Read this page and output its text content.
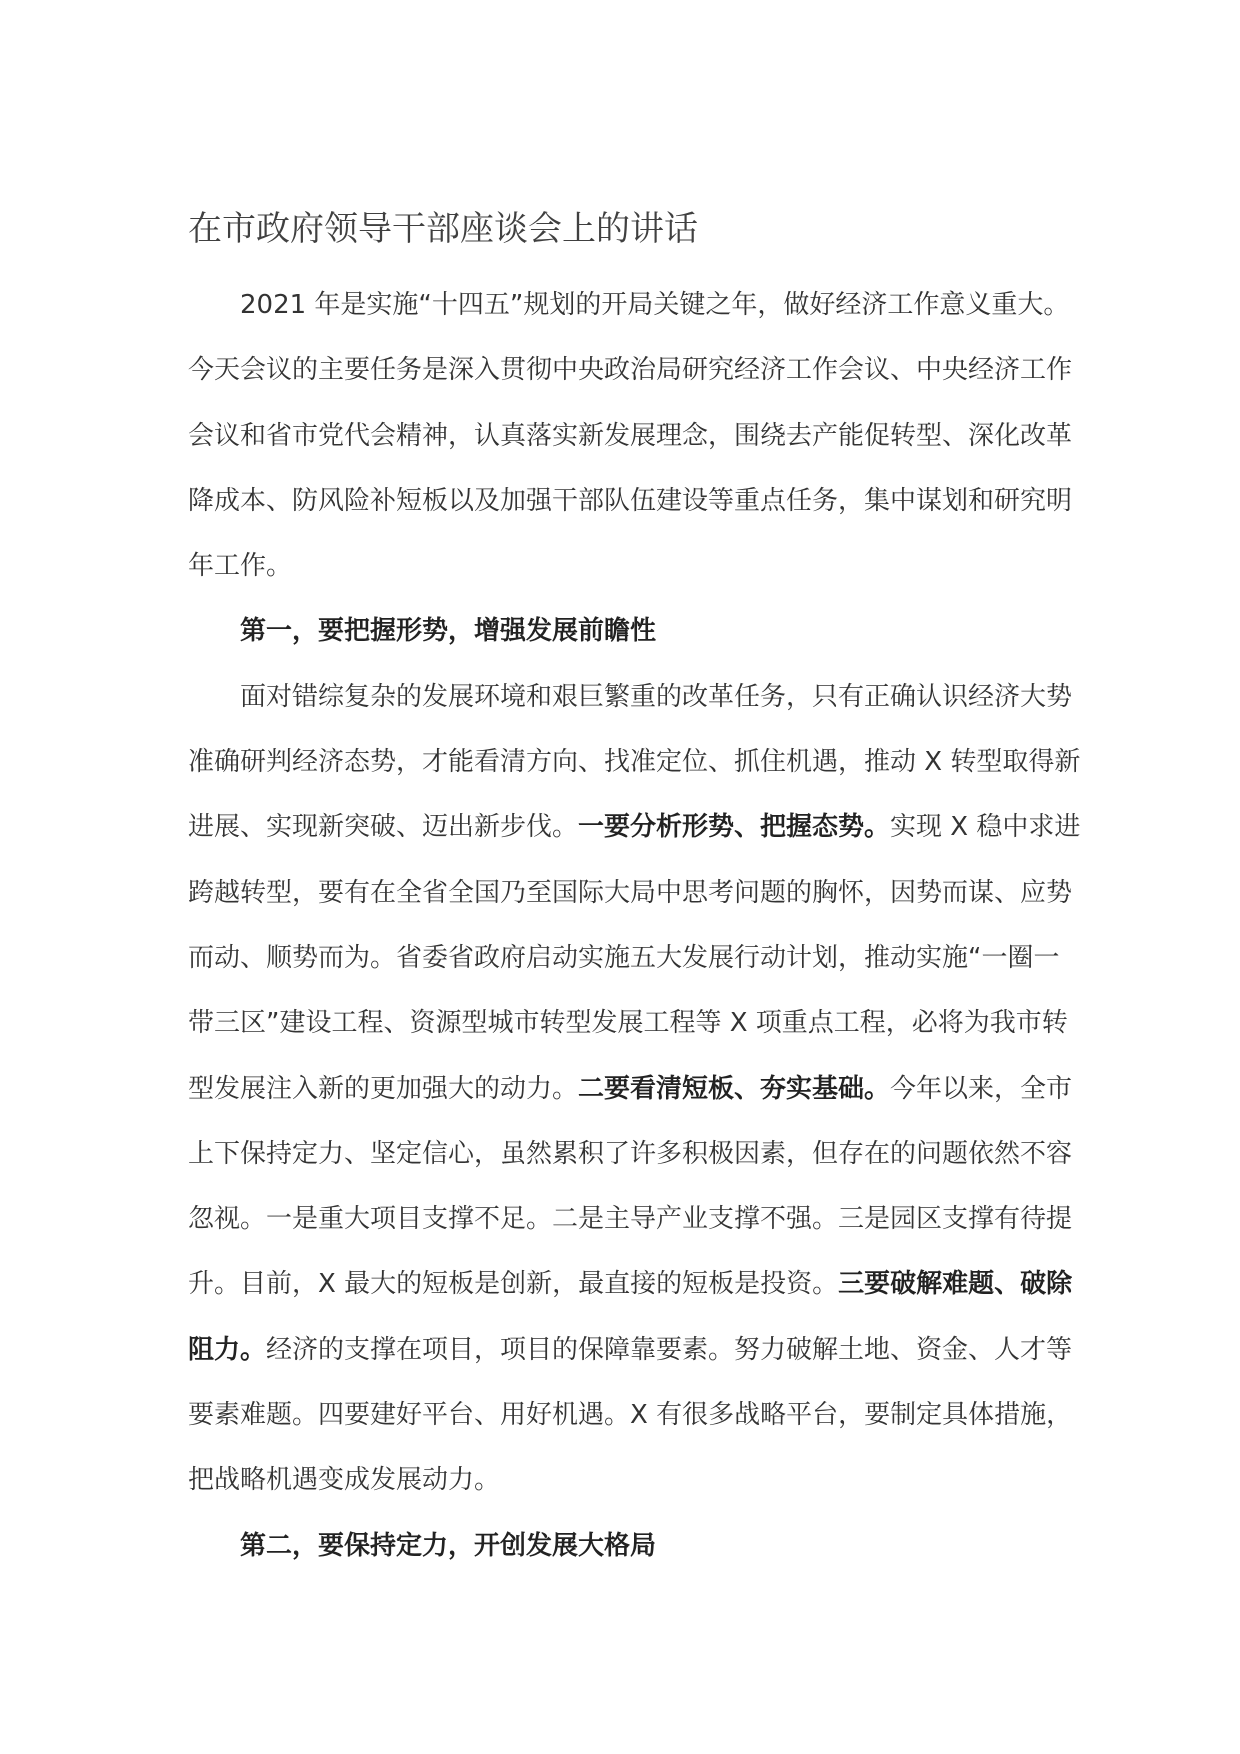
在市政府领导干部座谈会上的讲话
2021 年是实施“十四五”规划的开局关键之年，做好经济工作意义重大。
今天会议的主要任务是深入贯彻中央政治局研究经济工作会议、中央经济工作
会议和省市党代会精神，认真落实新发展理念，围绕去产能促转型、深化改革
降成本、防风险补短板以及加强干部队伍建设等重点任务，集中谋划和研究明
年工作。
第一，要把握形势，增强发展前瞻性
面对错综复杂的发展环境和艰巨繁重的改革任务，只有正确认识经济大势
准确研判经济态势，才能看清方向、找准定位、抓住机遇，推动 X 转型取得新
进展、实现新突破、迈出新步伐。一要分析形势、把握态势。实现 X 稳中求进
跨越转型，要有在全省全国乃至国际大局中思考问题的胸怀，因势而谋、应势
而动、顺势而为。省委省政府启动实施五大发展行动计划，推动实施“一圈一
带三区”建设工程、资源型城市转型发展工程等 X 项重点工程，必将为我市转
型发展注入新的更加强大的动力。二要看清短板、夯实基础。今年以来，全市
上下保持定力、坚定信心，虽然累积了许多积极因素，但存在的问题依然不容
忽视。一是重大项目支撑不足。二是主导产业支撑不强。三是园区支撑有待提
升。目前，X 最大的短板是创新，最直接的短板是投资。三要破解难题、破除
阻力。经济的支撑在项目，项目的保障靠要素。努力破解土地、资金、人才等
要素难题。四要建好平台、用好机遇。X 有很多战略平台，要制定具体措施，
把战略机遇变成发展动力。
第二，要保持定力，开创发展大格局
